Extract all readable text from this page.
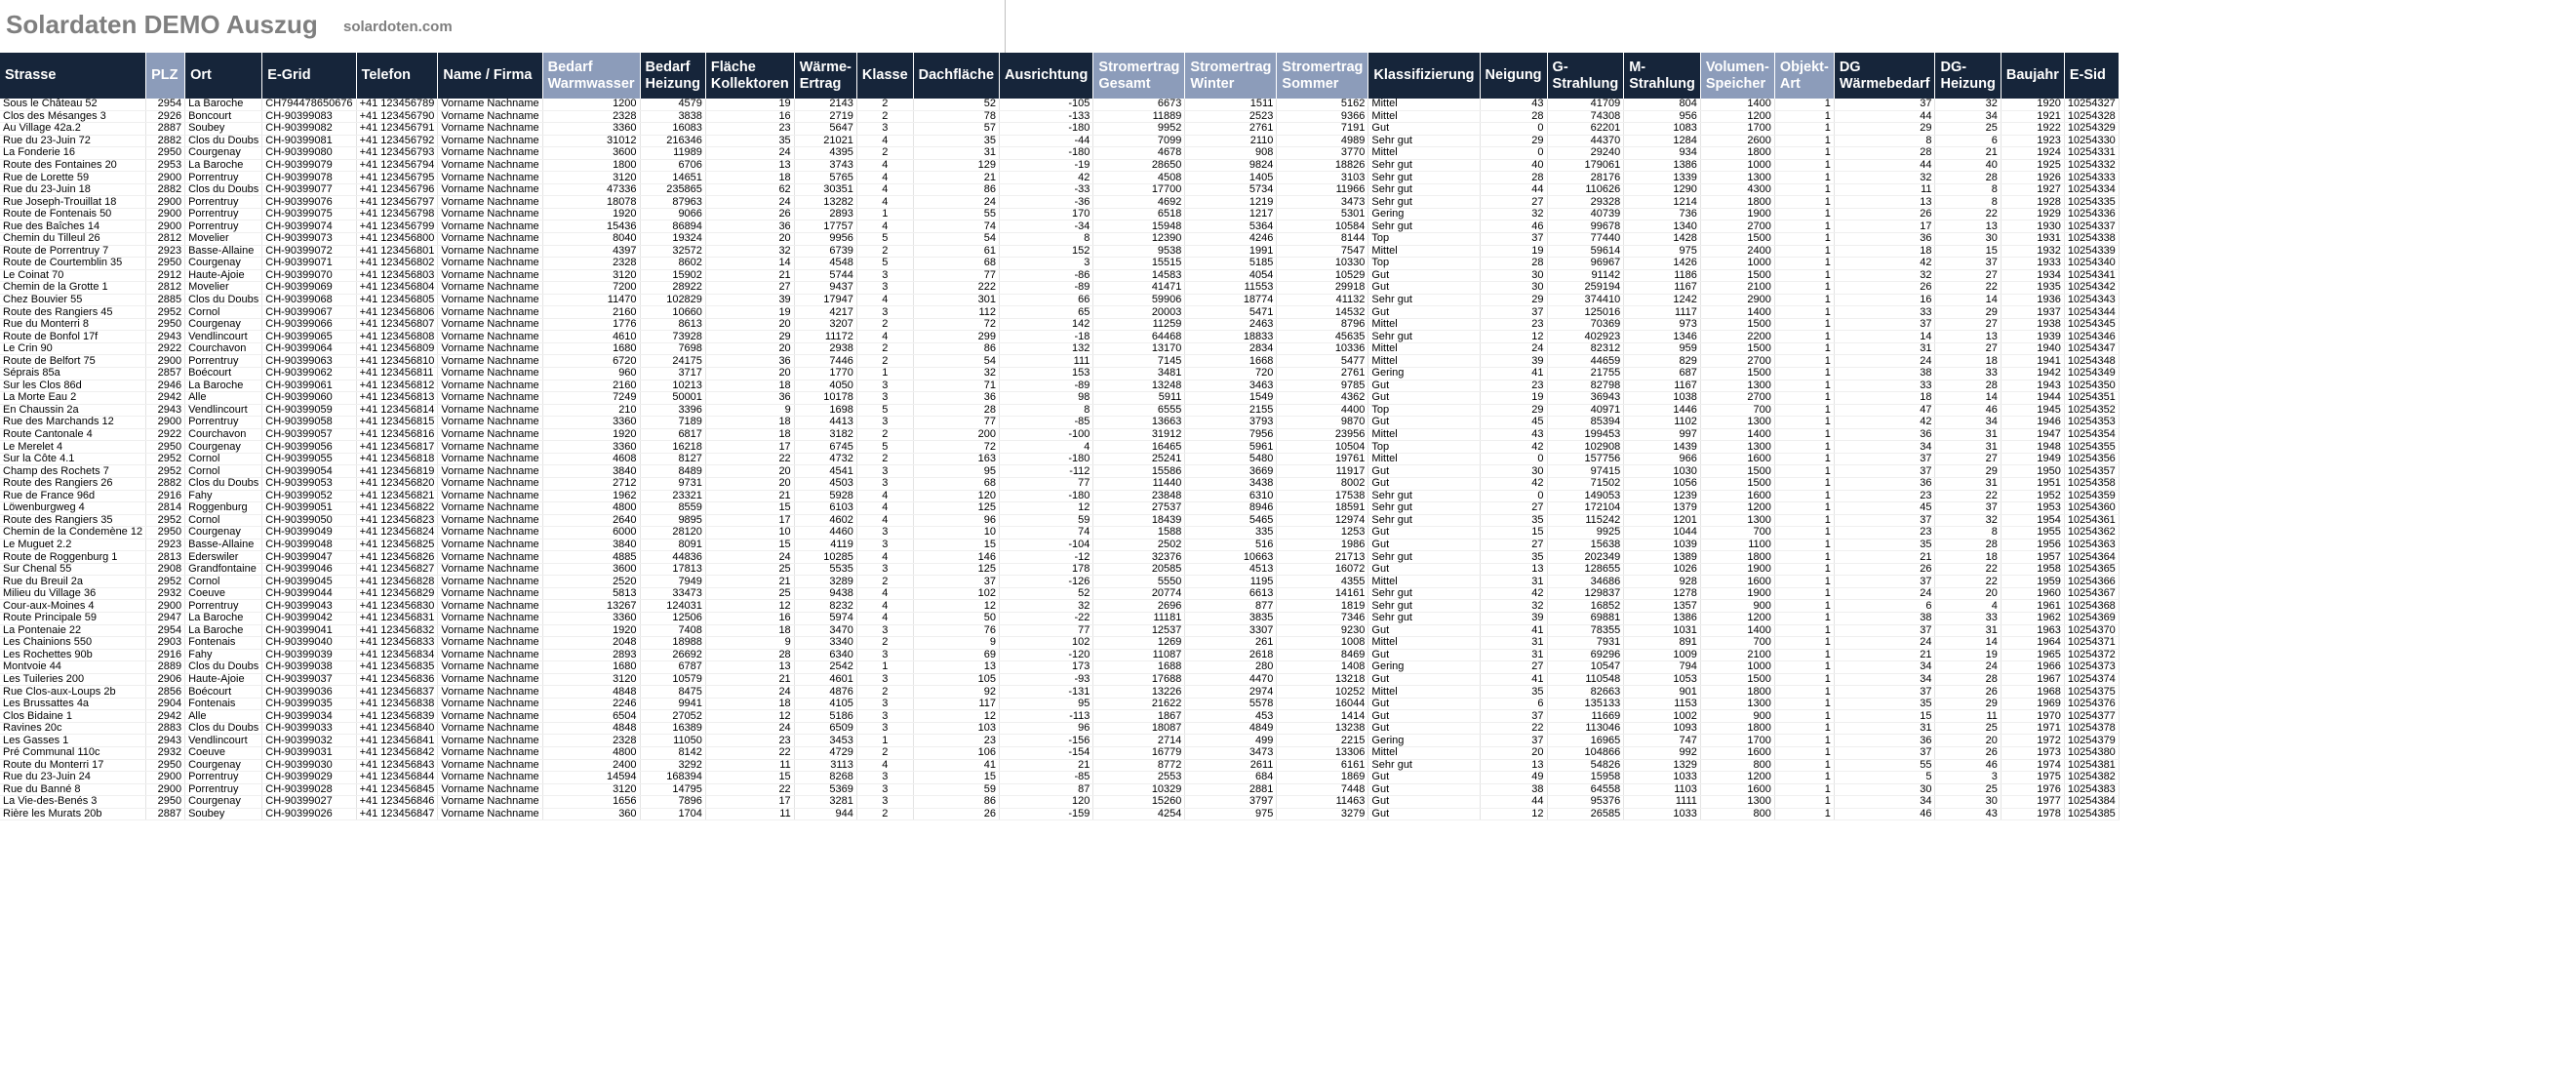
Solardaten DEMO Auszug solardoten.com
Strasse	PLZ	Ort	E-Grid	Telefon	Name / Firma	Bedarf Warmwasser	Bedarf Heizung	Fläche Kollektoren	Wärme-Ertrag	Klasse	Dachfläche	Ausrichtung	Stromertrag Gesamt	Stromertrag Winter	Stromertrag Sommer	Klassifizierung	Neigung	G-Strahlung	M-Strahlung	Volumen-Speicher	Objekt-Art	DG Wärmebedarf	DG-Heizung	Baujahr	E-Sid
Sous le Château 52	2954	La Baroche	CH794478650676	+41 123456789	Vorname Nachname	1200	4579	19	2143	2	52	-105	6673	1511	5162	Mittel	43	41709	804	1400	1	37	32	1920	10254327
Clos des Mésanges 3	2926	Boncourt	CH-90399083	+41 123456790	Vorname Nachname	2328	3838	16	2719	2	78	-133	11889	2523	9366	Mittel	28	74308	956	1200	1	44	34	1921	10254328
Au Village 42a.2	2887	Soubey	CH-90399082	+41 123456791	Vorname Nachname	3360	16083	23	5647	3	57	-180	9952	2761	7191	Gut	0	62201	1083	1700	1	29	25	1922	10254329
Rue du 23-Juin 72	2882	Clos du Doubs	CH-90399081	+41 123456792	Vorname Nachname	31012	216346	35	21021	4	35	-44	7099	2110	4989	Sehr gut	29	44370	1284	2600	1	8	6	1923	10254330
La Fonderie 16	2950	Courgenay	CH-90399080	+41 123456793	Vorname Nachname	3600	11989	24	4395	2	31	-180	4678	908	3770	Mittel	0	29240	934	1800	1	28	21	1924	10254331
Route des Fontaines 20	2953	La Baroche	CH-90399079	+41 123456794	Vorname Nachname	1800	6706	13	3743	4	129	-19	28650	9824	18826	Sehr gut	40	179061	1386	1000	1	44	40	1925	10254332
Rue de Lorette 59	2900	Porrentruy	CH-90399078	+41 123456795	Vorname Nachname	3120	14651	18	5765	4	21	42	4508	1405	3103	Sehr gut	28	28176	1339	1300	1	32	28	1926	10254333
Rue du 23-Juin 18	2882	Clos du Doubs	CH-90399077	+41 123456796	Vorname Nachname	47336	235865	62	30351	4	86	-33	17700	5734	11966	Sehr gut	44	110626	1290	4300	1	11	8	1927	10254334
Rue Joseph-Trouillat 18	2900	Porrentruy	CH-90399076	+41 123456797	Vorname Nachname	18078	87963	24	13282	4	24	-36	4692	1219	3473	Sehr gut	27	29328	1214	1800	1	13	8	1928	10254335
Route de Fontenais 50	2900	Porrentruy	CH-90399075	+41 123456798	Vorname Nachname	1920	9066	26	2893	1	55	170	6518	1217	5301	Gering	32	40739	736	1900	1	26	22	1929	10254336
Rue des Baîches 14	2900	Porrentruy	CH-90399074	+41 123456799	Vorname Nachname	15436	86894	36	17757	4	74	-34	15948	5364	10584	Sehr gut	46	99678	1340	2700	1	17	13	1930	10254337
Chemin du Tilleul 26	2812	Movelier	CH-90399073	+41 123456800	Vorname Nachname	8040	19324	20	9956	5	54	8	12390	4246	8144	Top	37	77440	1428	1500	1	36	30	1931	10254338
Route de Porrentruy 7	2923	Basse-Allaine	CH-90399072	+41 123456801	Vorname Nachname	4397	32572	32	6739	2	61	152	9538	1991	7547	Mittel	19	59614	975	2400	1	18	15	1932	10254339
Route de Courtemblin 35	2950	Courgenay	CH-90399071	+41 123456802	Vorname Nachname	2328	8602	14	4548	5	68	3	15515	5185	10330	Top	28	96967	1426	1000	1	42	37	1933	10254340
Le Coinat 70	2912	Haute-Ajoie	CH-90399070	+41 123456803	Vorname Nachname	3120	15902	21	5744	3	77	-86	14583	4054	10529	Gut	30	91142	1186	1500	1	32	27	1934	10254341
Chemin de la Grotte 1	2812	Movelier	CH-90399069	+41 123456804	Vorname Nachname	7200	28922	27	9437	3	222	-89	41471	11553	29918	Gut	30	259194	1167	2100	1	26	22	1935	10254342
Chez Bouvier 55	2885	Clos du Doubs	CH-90399068	+41 123456805	Vorname Nachname	11470	102829	39	17947	4	301	66	59906	18774	41132	Sehr gut	29	374410	1242	2900	1	16	14	1936	10254343
Route des Rangiers 45	2952	Cornol	CH-90399067	+41 123456806	Vorname Nachname	2160	10660	19	4217	3	112	65	20003	5471	14532	Gut	37	125016	1117	1400	1	33	29	1937	10254344
Rue du Monterri 8	2950	Courgenay	CH-90399066	+41 123456807	Vorname Nachname	1776	8613	20	3207	2	72	142	11259	2463	8796	Mittel	23	70369	973	1500	1	37	27	1938	10254345
Route de Bonfol 17f	2943	Vendlincourt	CH-90399065	+41 123456808	Vorname Nachname	4610	73928	29	11172	4	299	-18	64468	18833	45635	Sehr gut	12	402923	1346	2200	1	14	13	1939	10254346
Le Crin 90	2922	Courchavon	CH-90399064	+41 123456809	Vorname Nachname	1680	7698	20	2938	2	86	132	13170	2834	10336	Mittel	24	82312	959	1500	1	31	27	1940	10254347
Route de Belfort 75	2900	Porrentruy	CH-90399063	+41 123456810	Vorname Nachname	6720	24175	36	7446	2	54	111	7145	1668	5477	Mittel	39	44659	829	2700	1	24	18	1941	10254348
Séprais 85a	2857	Boécourt	CH-90399062	+41 123456811	Vorname Nachname	960	3717	20	1770	1	32	153	3481	720	2761	Gering	41	21755	687	1500	1	38	33	1942	10254349
Sur les Clos 86d	2946	La Baroche	CH-90399061	+41 123456812	Vorname Nachname	2160	10213	18	4050	3	71	-89	13248	3463	9785	Gut	23	82798	1167	1300	1	33	28	1943	10254350
La Morte Eau 2	2942	Alle	CH-90399060	+41 123456813	Vorname Nachname	7249	50001	36	10178	3	36	98	5911	1549	4362	Gut	19	36943	1038	2700	1	18	14	1944	10254351
En Chaussin 2a	2943	Vendlincourt	CH-90399059	+41 123456814	Vorname Nachname	210	3396	9	1698	5	28	8	6555	2155	4400	Top	29	40971	1446	700	1	47	46	1945	10254352
Rue des Marchands 12	2900	Porrentruy	CH-90399058	+41 123456815	Vorname Nachname	3360	7189	18	4413	3	77	-85	13663	3793	9870	Gut	45	85394	1102	1300	1	42	34	1946	10254353
Route Cantonale 4	2922	Courchavon	CH-90399057	+41 123456816	Vorname Nachname	1920	6817	18	3182	2	200	-100	31912	7956	23956	Mittel	43	199453	997	1400	1	36	31	1947	10254354
Le Merelet 4	2950	Courgenay	CH-90399056	+41 123456817	Vorname Nachname	3360	16218	17	6745	5	72	4	16465	5961	10504	Top	42	102908	1439	1300	1	34	31	1948	10254355
Sur la Côte 4.1	2952	Cornol	CH-90399055	+41 123456818	Vorname Nachname	4608	8127	22	4732	2	163	-180	25241	5480	19761	Mittel	0	157756	966	1600	1	37	27	1949	10254356
Champ des Rochets 7	2952	Cornol	CH-90399054	+41 123456819	Vorname Nachname	3840	8489	20	4541	3	95	-112	15586	3669	11917	Gut	30	97415	1030	1500	1	37	29	1950	10254357
Route des Rangiers 26	2882	Clos du Doubs	CH-90399053	+41 123456820	Vorname Nachname	2712	9731	20	4503	3	68	77	11440	3438	8002	Gut	42	71502	1056	1500	1	36	31	1951	10254358
Rue de France 96d	2916	Fahy	CH-90399052	+41 123456821	Vorname Nachname	1962	23321	21	5928	4	120	-180	23848	6310	17538	Sehr gut	0	149053	1239	1600	1	23	22	1952	10254359
Löwenburgweg 4	2814	Roggenburg	CH-90399051	+41 123456822	Vorname Nachname	4800	8559	15	6103	4	125	12	27537	8946	18591	Sehr gut	27	172104	1379	1200	1	45	37	1953	10254360
Route des Rangiers 35	2952	Cornol	CH-90399050	+41 123456823	Vorname Nachname	2640	9895	17	4602	4	96	59	18439	5465	12974	Sehr gut	35	115242	1201	1300	1	37	32	1954	10254361
Chemin de la Condemène 12	2950	Courgenay	CH-90399049	+41 123456824	Vorname Nachname	6000	28120	10	4460	3	10	74	1588	335	1253	Gut	15	9925	1044	700	1	23	8	1955	10254362
Le Muguet 2.2	2923	Basse-Allaine	CH-90399048	+41 123456825	Vorname Nachname	3840	8091	15	4119	3	15	-104	2502	516	1986	Gut	27	15638	1039	1100	1	35	28	1956	10254363
Route de Roggenburg 1	2813	Ederswiler	CH-90399047	+41 123456826	Vorname Nachname	4885	44836	24	10285	4	146	-12	32376	10663	21713	Sehr gut	35	202349	1389	1800	1	21	18	1957	10254364
Sur Chenal 55	2908	Grandfontaine	CH-90399046	+41 123456827	Vorname Nachname	3600	17813	25	5535	3	125	178	20585	4513	16072	Gut	13	128655	1026	1900	1	26	22	1958	10254365
Rue du Breuil 2a	2952	Cornol	CH-90399045	+41 123456828	Vorname Nachname	2520	7949	21	3289	2	37	-126	5550	1195	4355	Mittel	31	34686	928	1600	1	37	22	1959	10254366
Milieu du Village 36	2932	Coeuve	CH-90399044	+41 123456829	Vorname Nachname	5813	33473	25	9438	4	102	52	20774	6613	14161	Sehr gut	42	129837	1278	1900	1	24	20	1960	10254367
Cour-aux-Moines 4	2900	Porrentruy	CH-90399043	+41 123456830	Vorname Nachname	13267	124031	12	8232	4	12	32	2696	877	1819	Sehr gut	32	16852	1357	900	1	6	4	1961	10254368
Route Principale 59	2947	La Baroche	CH-90399042	+41 123456831	Vorname Nachname	3360	12506	16	5974	4	50	-22	11181	3835	7346	Sehr gut	39	69881	1386	1200	1	38	33	1962	10254369
La Pontenaie 22	2954	La Baroche	CH-90399041	+41 123456832	Vorname Nachname	1920	7408	18	3470	3	76	77	12537	3307	9230	Gut	41	78355	1031	1400	1	37	31	1963	10254370
Les Chainions 550	2903	Fontenais	CH-90399040	+41 123456833	Vorname Nachname	2048	18988	9	3340	2	9	102	1269	261	1008	Mittel	31	7931	891	700	1	24	14	1964	10254371
Les Rochettes 90b	2916	Fahy	CH-90399039	+41 123456834	Vorname Nachname	2893	26692	28	6340	3	69	-120	11087	2618	8469	Gut	31	69296	1009	2100	1	21	19	1965	10254372
Montvoie 44	2889	Clos du Doubs	CH-90399038	+41 123456835	Vorname Nachname	1680	6787	13	2542	1	13	173	1688	280	1408	Gering	27	10547	794	1000	1	34	24	1966	10254373
Les Tuileries 200	2906	Haute-Ajoie	CH-90399037	+41 123456836	Vorname Nachname	3120	10579	21	4601	3	105	-93	17688	4470	13218	Gut	41	110548	1053	1500	1	34	28	1967	10254374
Rue Clos-aux-Loups 2b	2856	Boécourt	CH-90399036	+41 123456837	Vorname Nachname	4848	8475	24	4876	2	92	-131	13226	2974	10252	Mittel	35	82663	901	1800	1	37	26	1968	10254375
Les Brussattes 4a	2904	Fontenais	CH-90399035	+41 123456838	Vorname Nachname	2246	9941	18	4105	3	117	95	21622	5578	16044	Gut	6	135133	1153	1300	1	35	29	1969	10254376
Clos Bidaine 1	2942	Alle	CH-90399034	+41 123456839	Vorname Nachname	6504	27052	12	5186	3	12	-113	1867	453	1414	Gut	37	11669	1002	900	1	15	11	1970	10254377
Ravines 20c	2883	Clos du Doubs	CH-90399033	+41 123456840	Vorname Nachname	4848	16389	24	6509	3	103	96	18087	4849	13238	Gut	22	113046	1093	1800	1	31	25	1971	10254378
Les Gasses 1	2943	Vendlincourt	CH-90399032	+41 123456841	Vorname Nachname	2328	11050	23	3453	1	23	-156	2714	499	2215	Gering	37	16965	747	1700	1	36	20	1972	10254379
Pré Communal 110c	2932	Coeuve	CH-90399031	+41 123456842	Vorname Nachname	4800	8142	22	4729	2	106	-154	16779	3473	13306	Mittel	20	104866	992	1600	1	37	26	1973	10254380
Route du Monterri 17	2950	Courgenay	CH-90399030	+41 123456843	Vorname Nachname	2400	3292	11	3113	4	41	21	8772	2611	6161	Sehr gut	13	54826	1329	800	1	55	46	1974	10254381
Rue du 23-Juin 24	2900	Porrentruy	CH-90399029	+41 123456844	Vorname Nachname	14594	168394	15	8268	3	15	-85	2553	684	1869	Gut	49	15958	1033	1200	1	5	3	1975	10254382
Rue du Banné 8	2900	Porrentruy	CH-90399028	+41 123456845	Vorname Nachname	3120	14795	22	5369	3	59	87	10329	2881	7448	Gut	38	64558	1103	1600	1	30	25	1976	10254383
La Vie-des-Benés 3	2950	Courgenay	CH-90399027	+41 123456846	Vorname Nachname	1656	7896	17	3281	3	86	120	15260	3797	11463	Gut	44	95376	1111	1300	1	34	30	1977	10254384
Rière les Murats 20b	2887	Soubey	CH-90399026	+41 123456847	Vorname Nachname	360	1704	11	944	2	26	-159	4254	975	3279	Gut	12	26585	1033	800	1	46	43	1978	10254385
